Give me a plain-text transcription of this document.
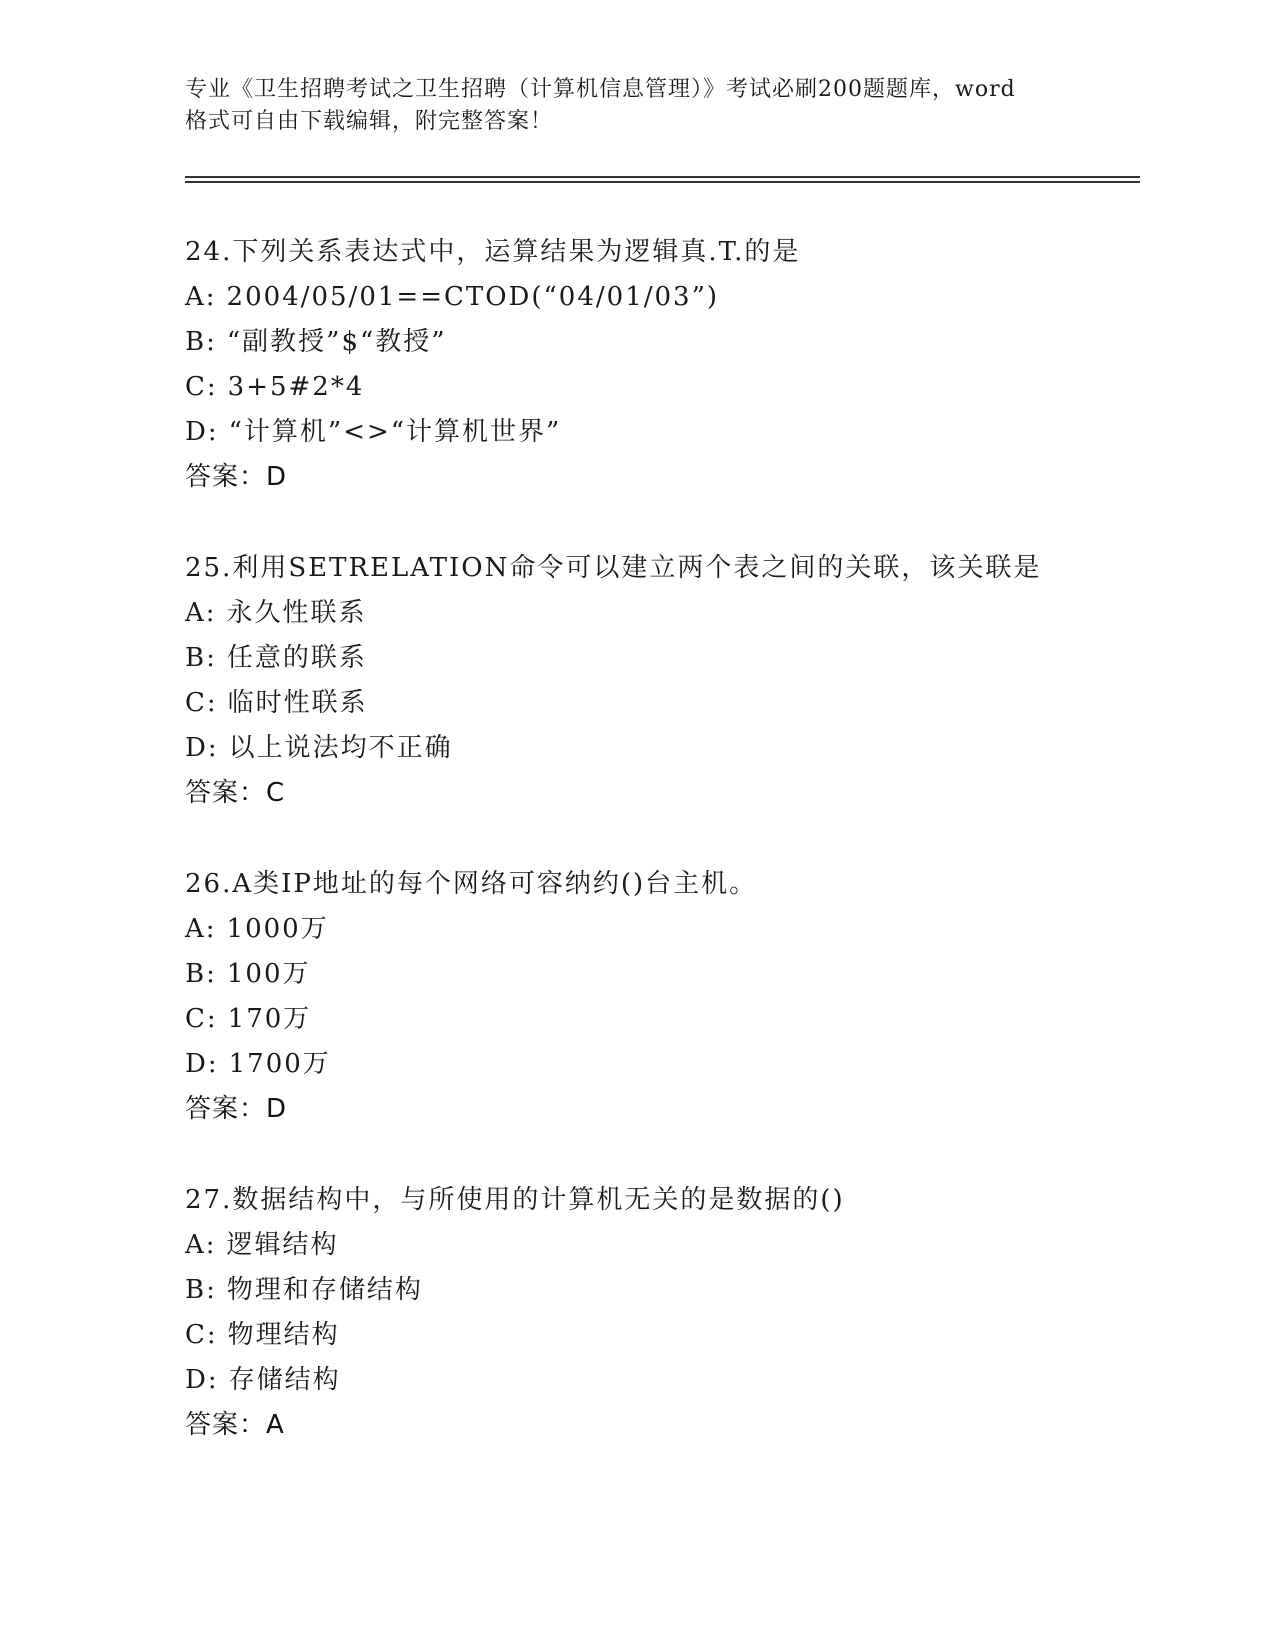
专业《卫生招聘考试之卫生招聘（计算机信息管理）》考试必刷200题题库，word
格式可自由下载编辑，附完整答案！
24.下列关系表达式中，运算结果为逻辑真.T.的是
A: 2004/05/01==CTOD(“04/01/03”)
B: “副教授”$“教授”
C: 3+5#2*4
D: “计算机”<>“计算机世界”
答案：D
25.利用SETRELATION命令可以建立两个表之间的关联，该关联是
A: 永久性联系
B: 任意的联系
C: 临时性联系
D: 以上说法均不正确
答案：C
26.A类IP地址的每个网络可容纳约()台主机。
A: 1000万
B: 100万
C: 170万
D: 1700万
答案：D
27.数据结构中，与所使用的计算机无关的是数据的()
A: 逻辑结构
B: 物理和存储结构
C: 物理结构
D: 存储结构
答案：A
